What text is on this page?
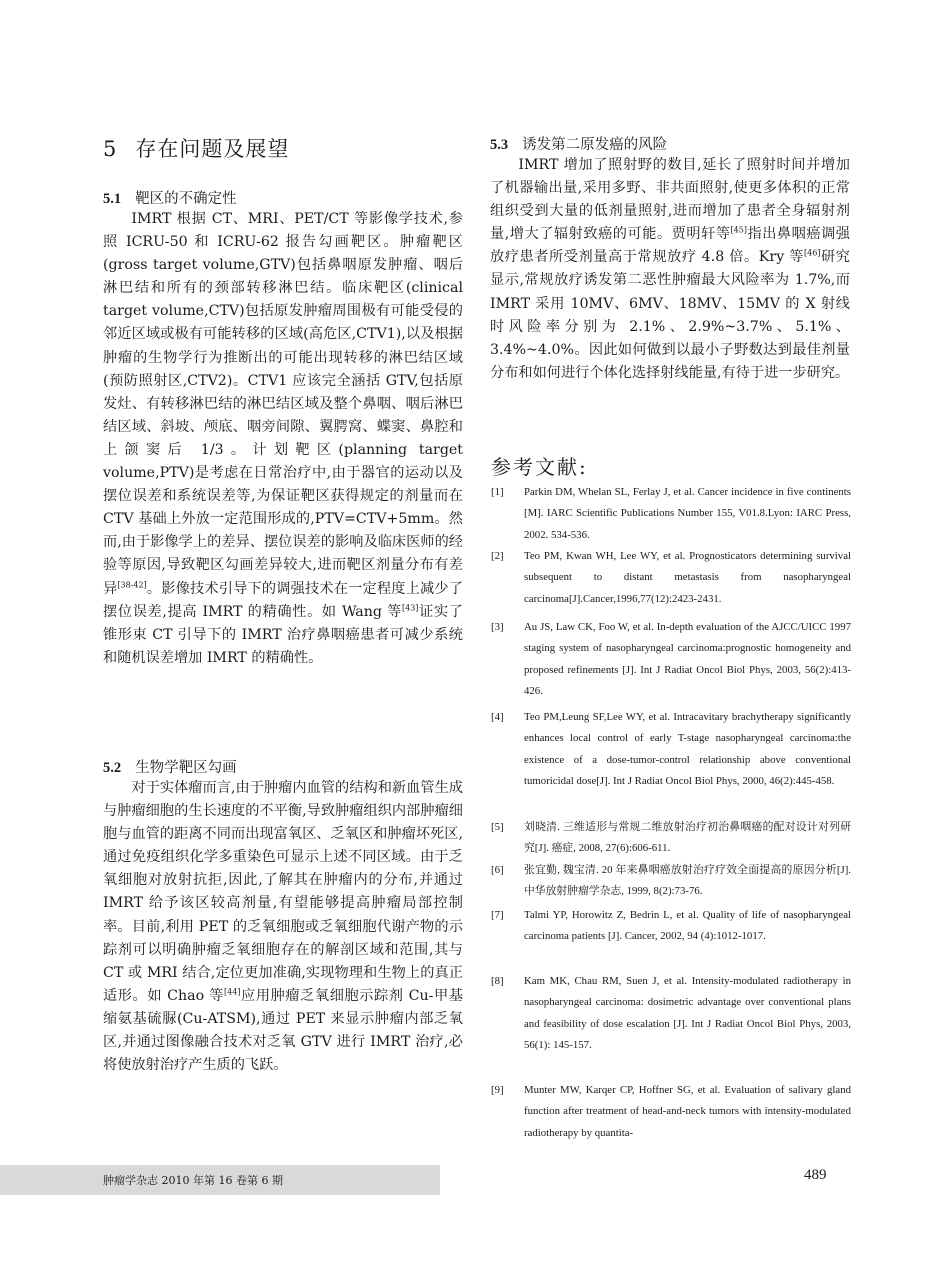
5 存在问题及展望
5.1 靶区的不确定性

IMRT 根据 CT、MRI、PET/CT 等影像学技术,参照 ICRU-50 和 ICRU-62 报告勾画靶区。肿瘤靶区(gross target volume,GTV)包括鼻咽原发肿瘤、咽后淋巴结和所有的颈部转移淋巴结。临床靶区(clinical target volume,CTV)包括原发肿瘤周围极有可能受侵的邻近区域或极有可能转移的区域(高危区,CTV1),以及根据肿瘤的生物学行为推断出的可能出现转移的淋巴结区域(预防照射区,CTV2)。CTV1 应该完全涵括 GTV,包括原发灶、有转移淋巴结的淋巴结区域及整个鼻咽、咽后淋巴结区域、斜坡、颅底、咽旁间隙、翼腭窝、蝶窦、鼻腔和上颌窦后 1/3。计划靶区(planning target volume,PTV)是考虑在日常治疗中,由于器官的运动以及摆位误差和系统误差等,为保证靶区获得规定的剂量而在 CTV 基础上外放一定范围形成的,PTV=CTV+5mm。然而,由于影像学上的差异、摆位误差的影响及临床医师的经验等原因,导致靶区勾画差异较大,进而靶区剂量分布有差异[38-42]。影像技术引导下的调强技术在一定程度上减少了摆位误差,提高 IMRT 的精确性。如 Wang 等[43]证实了锥形束 CT 引导下的 IMRT 治疗鼻咽癌患者可减少系统和随机误差增加 IMRT 的精确性。

5.2 生物学靶区勾画

对于实体瘤而言,由于肿瘤内血管的结构和新血管生成与肿瘤细胞的生长速度的不平衡,导致肿瘤组织内部肿瘤细胞与血管的距离不同而出现富氧区、乏氧区和肿瘤坏死区,通过免疫组织化学多重染色可显示上述不同区域。由于乏氧细胞对放射抗拒,因此,了解其在肿瘤内的分布,并通过 IMRT 给予该区较高剂量,有望能够提高肿瘤局部控制率。目前,利用 PET 的乏氧细胞或乏氧细胞代谢产物的示踪剂可以明确肿瘤乏氧细胞存在的解剖区域和范围,其与 CT 或 MRI 结合,定位更加准确,实现物理和生物上的真正适形。如 Chao 等[44]应用肿瘤乏氧细胞示踪剂 Cu-甲基缩氨基硫脲(Cu-ATSM),通过 PET 来显示肿瘤内部乏氧区,并通过图像融合技术对乏氧 GTV 进行 IMRT 治疗,必将使放射治疗产生质的飞跃。

5.3 诱发第二原发癌的风险

IMRT 增加了照射野的数目,延长了照射时间并增加了机器输出量,采用多野、非共面照射,使更多体积的正常组织受到大量的低剂量照射,进而增加了患者全身辐射剂量,增大了辐射致癌的可能。贾明轩等[45]指出鼻咽癌调强放疗患者所受剂量高于常规放疗 4.8 倍。Kry 等[46]研究显示,常规放疗诱发第二恶性肿瘤最大风险率为 1.7%,而 IMRT 采用 10MV、6MV、18MV、15MV 的 X 射线时风险率分别为 2.1%、2.9%~3.7%、5.1%、3.4%~4.0%。因此如何做到以最小子野数达到最佳剂量分布和如何进行个体化选择射线能量,有待于进一步研究。

参考文献:
[1] Parkin DM, Whelan SL, Ferlay J, et al. Cancer incidence in five continents [M]. IARC Scientific Publications Number 155, V01.8.Lyon: IARC Press, 2002. 534-536.
[2] Teo PM, Kwan WH, Lee WY, et al. Prognosticators determining survival subsequent to distant metastasis from nasopharyngeal carcinoma[J].Cancer,1996,77(12):2423-2431.
[3] Au JS, Law CK, Foo W, et al. In-depth evaluation of the AJCC/UICC 1997 staging system of nasopharyngeal carcinoma:prognostic homogeneity and proposed refinements [J]. Int J Radiat Oncol Biol Phys, 2003, 56(2):413-426.
[4] Teo PM,Leung SF,Lee WY, et al. Intracavitary brachytherapy significantly enhances local control of early T-stage nasopharyngeal carcinoma:the existence of a dose-tumor-control relationship above conventional tumoricidal dose[J]. Int J Radiat Oncol Biol Phys, 2000, 46(2):445-458.
[5] 刘晓清. 三维适形与常规二维放射治疗初治鼻咽癌的配对设计对列研究[J]. 癌症, 2008, 27(6):606-611.
[6] 张宜勤, 魏宝清. 20 年来鼻咽癌放射治疗疗效全面提高的原因分析[J]. 中华放射肿瘤学杂志, 1999, 8(2):73-76.
[7] Talmi YP, Horowitz Z, Bedrin L, et al. Quality of life of nasopharyngeal carcinoma patients [J]. Cancer, 2002, 94 (4):1012-1017.
[8] Kam MK, Chau RM, Suen J, et al. Intensity-modulated radiotherapy in nasopharyngeal carcinoma: dosimetric advantage over conventional plans and feasibility of dose escalation [J]. Int J Radiat Oncol Biol Phys, 2003, 56(1): 145-157.
[9] Munter MW, Karqer CP, Hoffner SG, et al. Evaluation of salivary gland function after treatment of head-and-neck tumors with intensity-modulated radiotherapy by quantita-
肿瘤学杂志 2010 年第 16 卷第 6 期	489
